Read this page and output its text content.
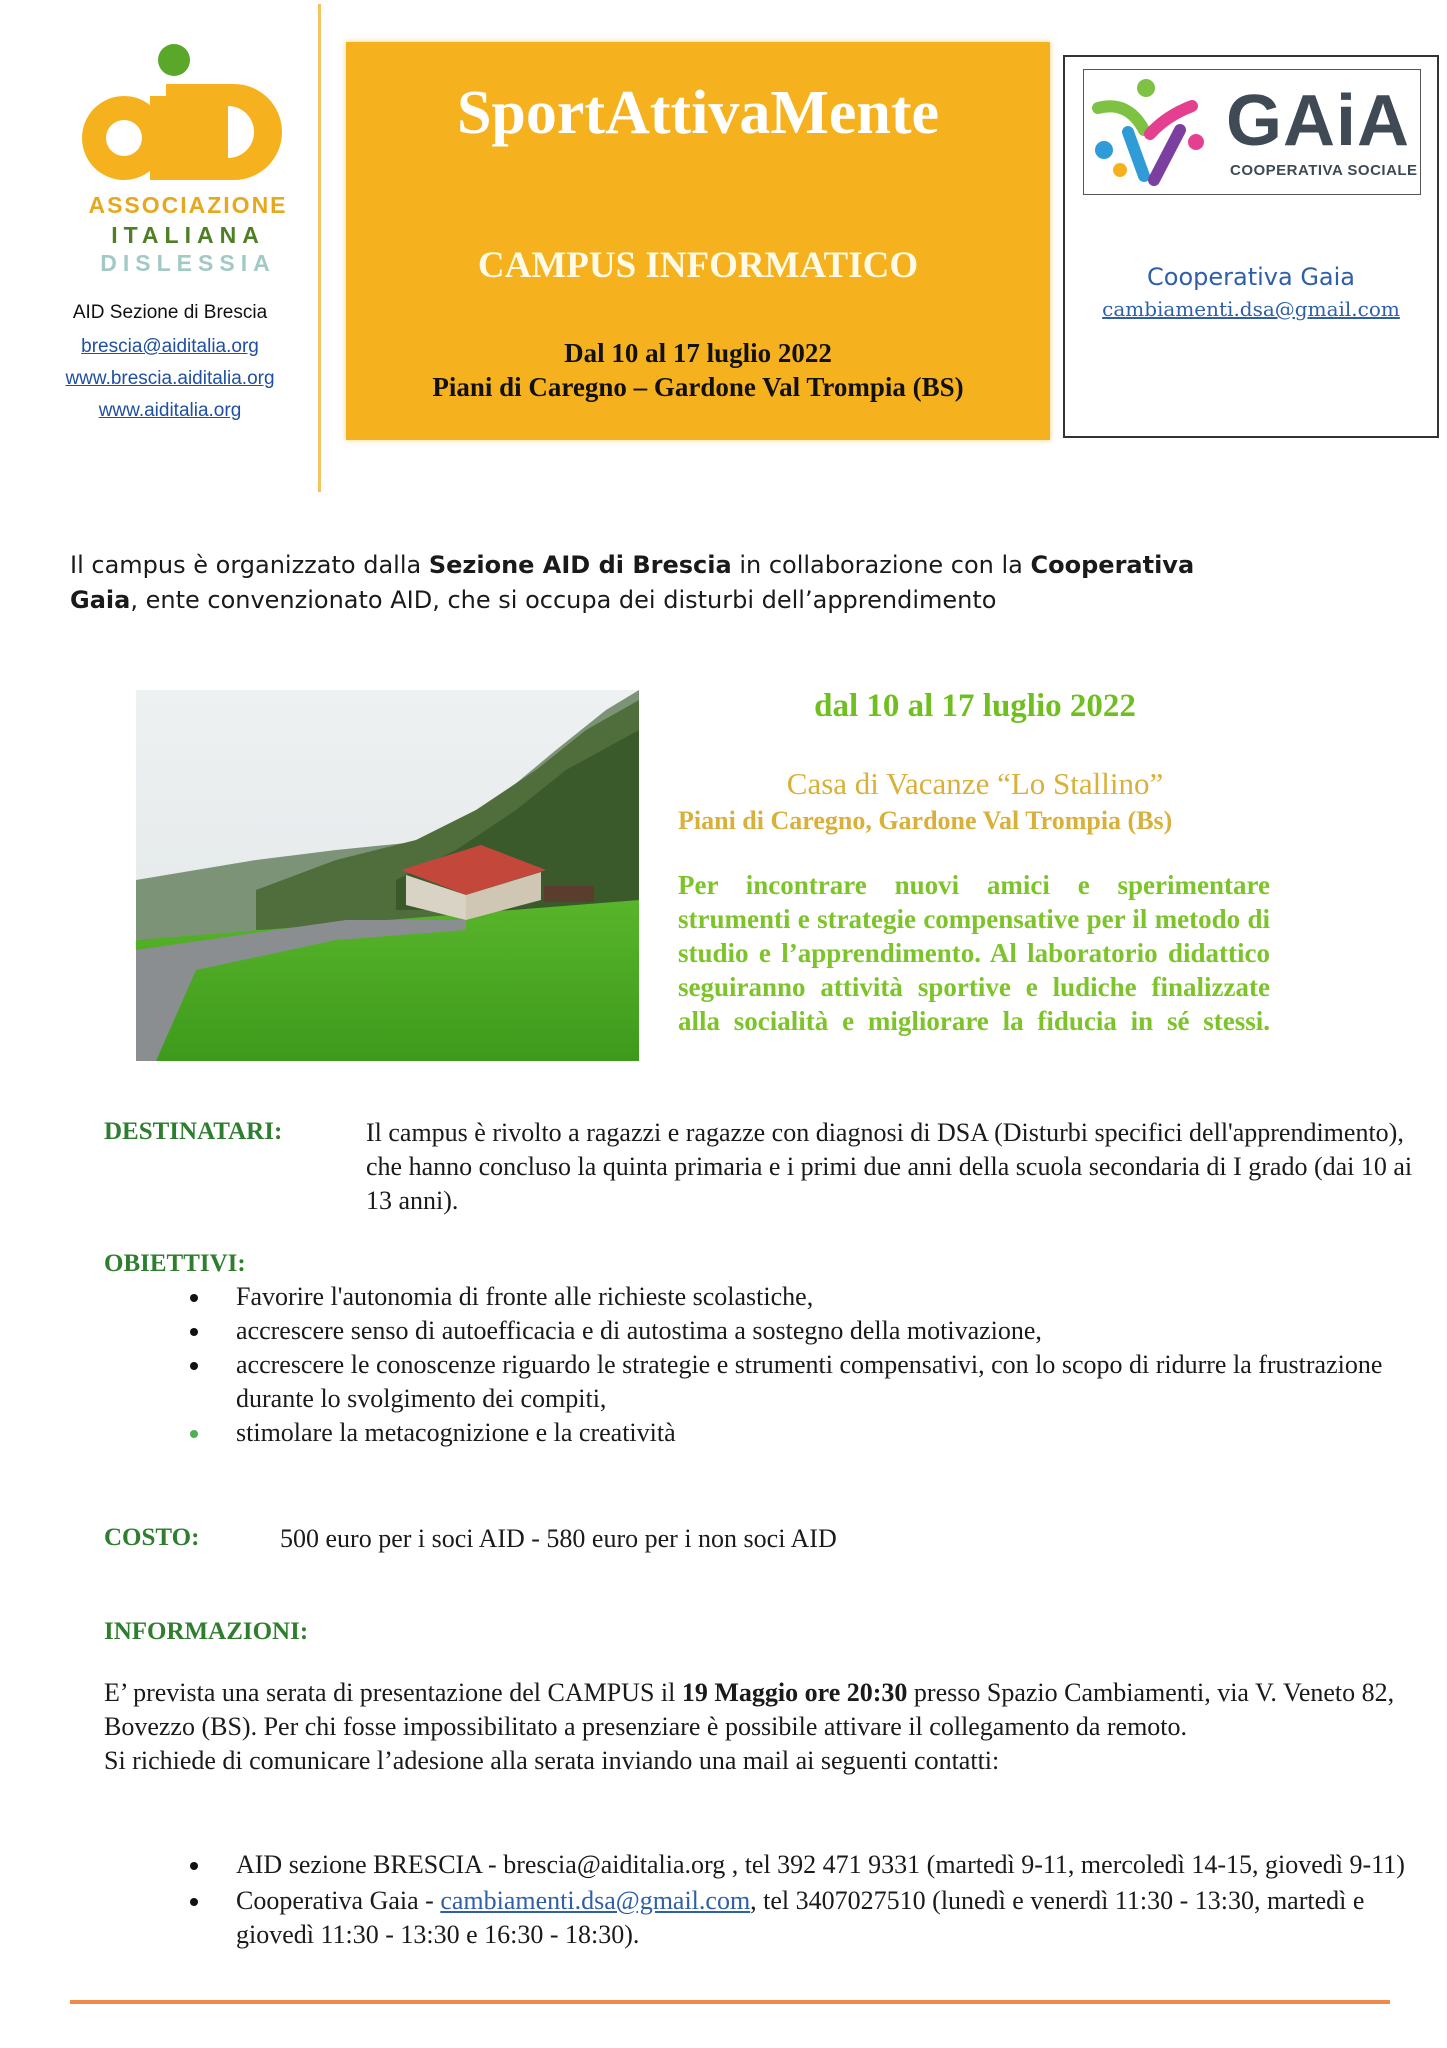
ASSOCIAZIONE
ITALIANA
DISLESSIA
AID Sezione di Brescia
brescia@aiditalia.org
www.brescia.aiditalia.org
www.aiditalia.org
SportAttivaMente
CAMPUS INFORMATICO
Dal 10 al 17 luglio 2022
Piani di Caregno – Gardone Val Trompia (BS)
GAiA
COOPERATIVA SOCIALE
Cooperativa Gaia
cambiamenti.dsa@gmail.com
Il campus è organizzato dalla Sezione AID di Brescia in collaborazione con la Cooperativa
Gaia, ente convenzionato AID, che si occupa dei disturbi dell’apprendimento
dal 10 al 17 luglio 2022
Casa di Vacanze “Lo Stallino”
Piani di Caregno, Gardone Val Trompia (Bs)
Per incontrare nuovi amici e sperimentare strumenti e strategie compensative per il metodo di studio e l’apprendimento. Al laboratorio didattico seguiranno attività sportive e ludiche finalizzate alla socialità e migliorare la fiducia in sé stessi.
DESTINATARI:	Il campus è rivolto a ragazzi e ragazze con diagnosi di DSA (Disturbi specifici dell'apprendimento), che hanno concluso la quinta primaria e i primi due anni della scuola secondaria di I grado (dai 10 ai 13 anni).
OBIETTIVI:
Favorire l'autonomia di fronte alle richieste scolastiche,
accrescere senso di autoefficacia e di autostima a sostegno della motivazione,
accrescere le conoscenze riguardo le strategie e strumenti compensativi, con lo scopo di ridurre la frustrazione durante lo svolgimento dei compiti,
stimolare la metacognizione e la creatività
COSTO:	500 euro per i soci AID - 580 euro per i non soci AID
INFORMAZIONI:
E’ prevista una serata di presentazione del CAMPUS il 19 Maggio ore 20:30 presso Spazio Cambiamenti, via V. Veneto 82, Bovezzo (BS). Per chi fosse impossibilitato a presenziare è possibile attivare il collegamento da remoto.
Si richiede di comunicare l’adesione alla serata inviando una mail ai seguenti contatti:
AID sezione BRESCIA - brescia@aiditalia.org , tel 392 471 9331 (martedì 9-11, mercoledì 14-15, giovedì 9-11)
Cooperativa Gaia - cambiamenti.dsa@gmail.com, tel 3407027510 (lunedì e venerdì 11:30 - 13:30, martedì e giovedì 11:30 - 13:30 e 16:30 - 18:30).
